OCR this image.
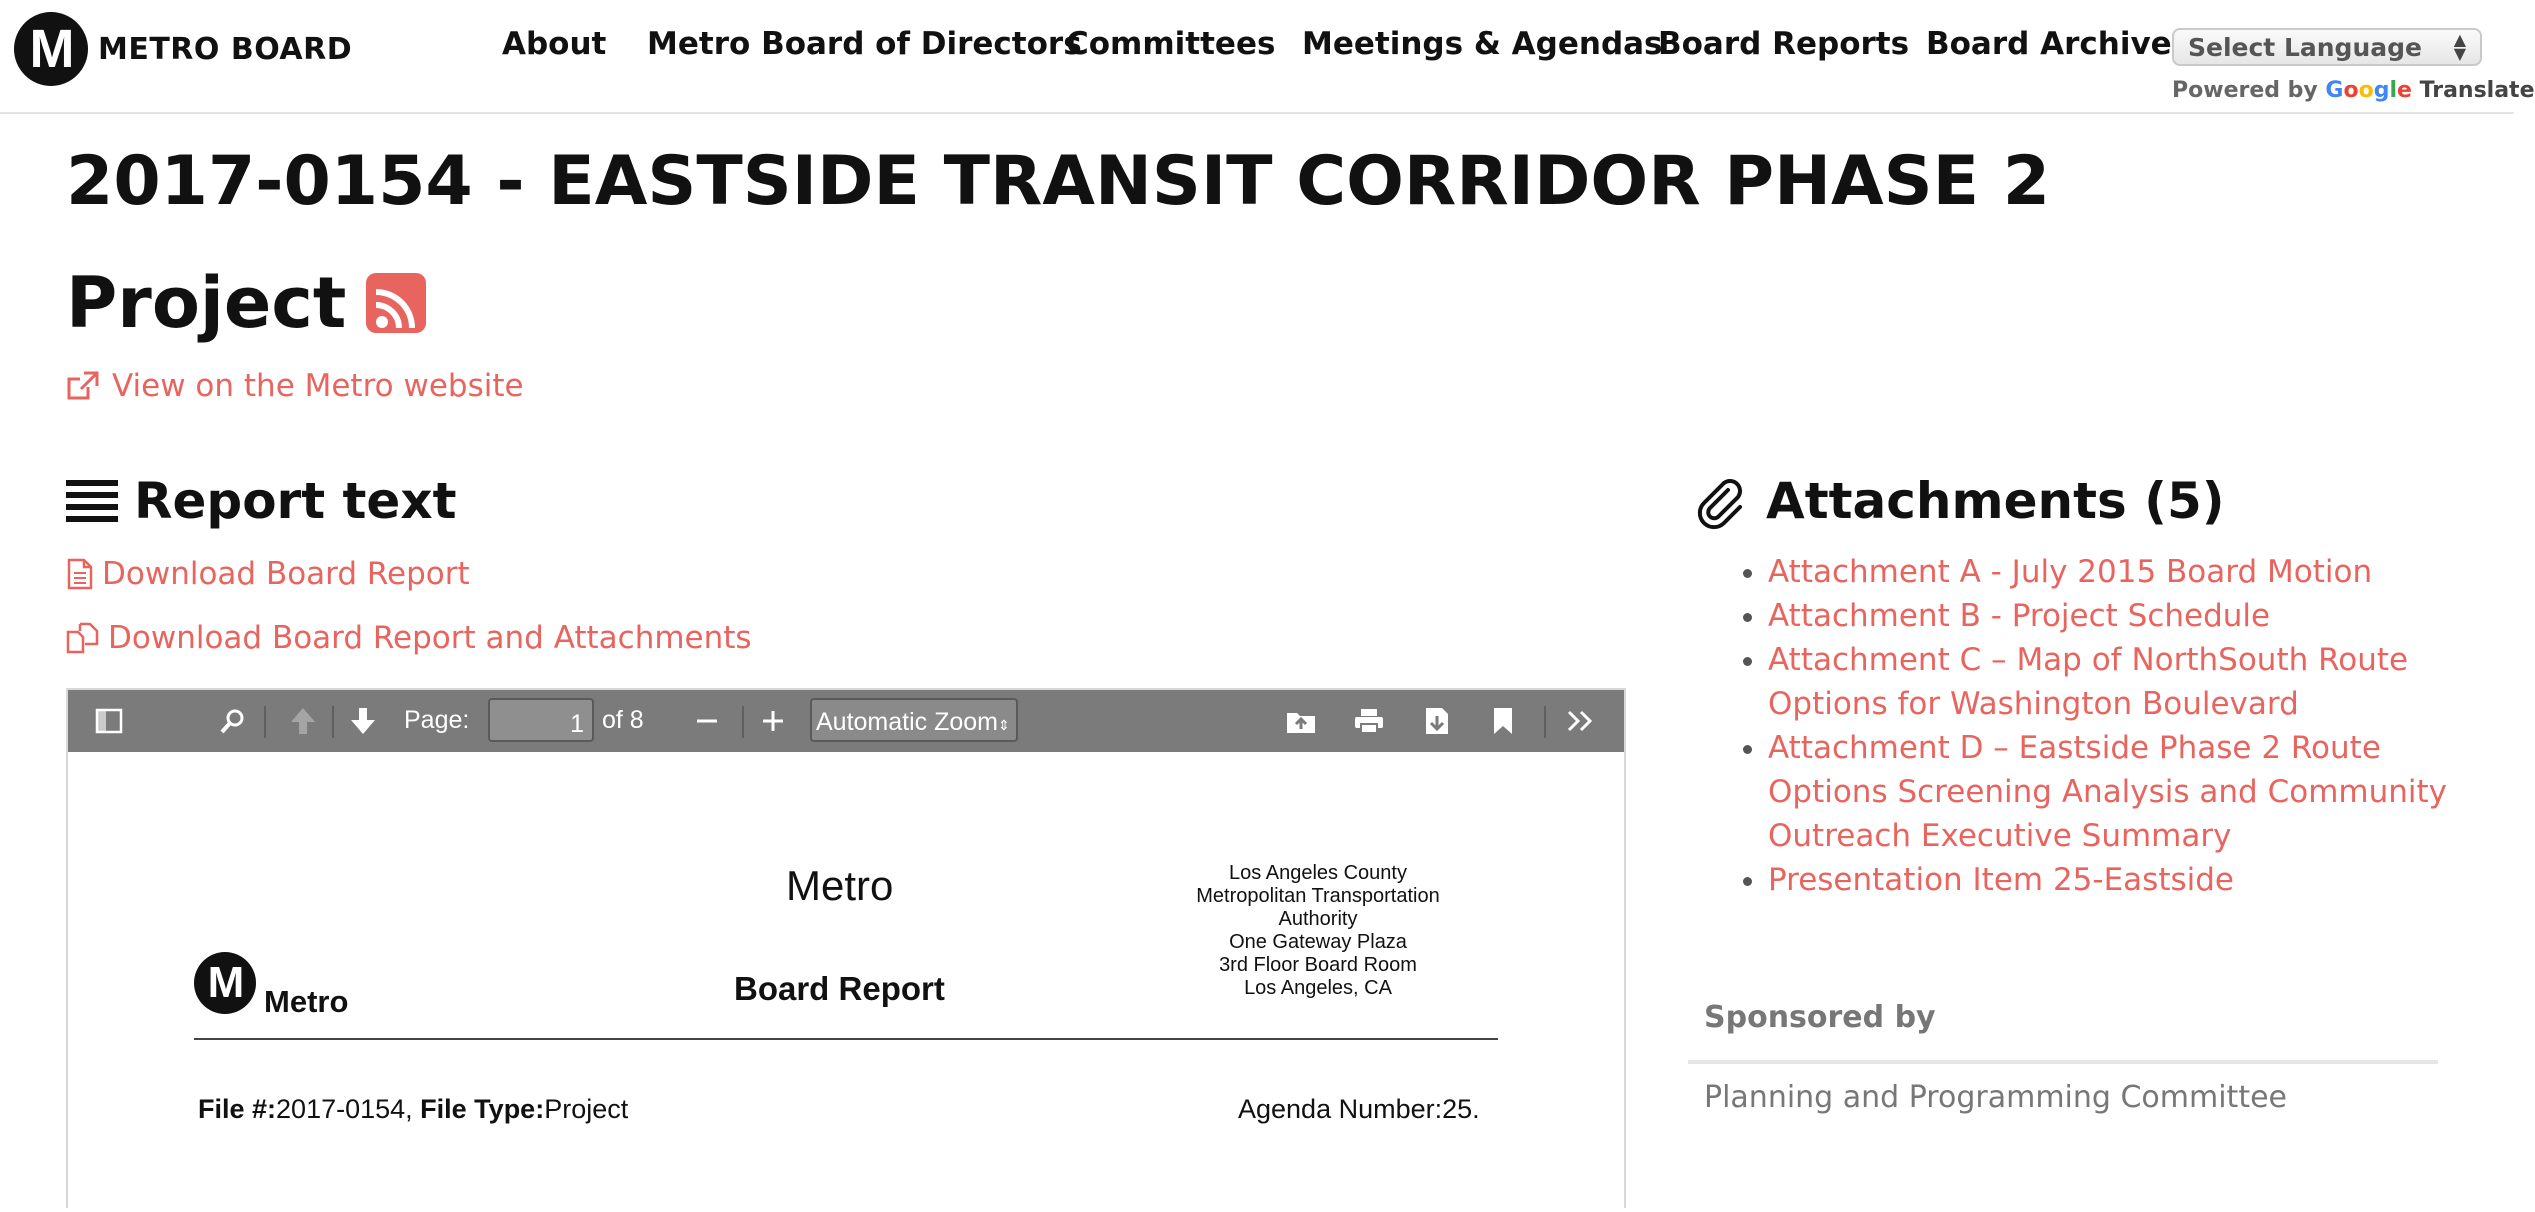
M METRO BOARD	About Metro Board of Directors
Committees Meetings & Agendas
Board Reports Board Archive Select Language ▲
▼
Powered by Google Translate
2017-0154 - EASTSIDE TRANSIT CORRIDOR PHASE 2
Project
View on the Metro website
Report text
Download Board Report
Download Board Report and Attachments
Page:	1 of 8	Automatic Zoom⇕
Metro
Board Report
M Metro
Los Angeles County
Metropolitan Transportation
Authority
One Gateway Plaza
3rd Floor Board Room
Los Angeles, CA
File #:2017-0154, File Type:Project	Agenda Number:25.
Attachments (5)
• Attachment A - July 2015 Board Motion
• Attachment B - Project Schedule
• Attachment C – Map of NorthSouth Route Options for Washington Boulevard
• Attachment D – Eastside Phase 2 Route Options Screening Analysis and Community Outreach Executive Summary
• Presentation Item 25-Eastside
Sponsored by
Planning and Programming Committee
